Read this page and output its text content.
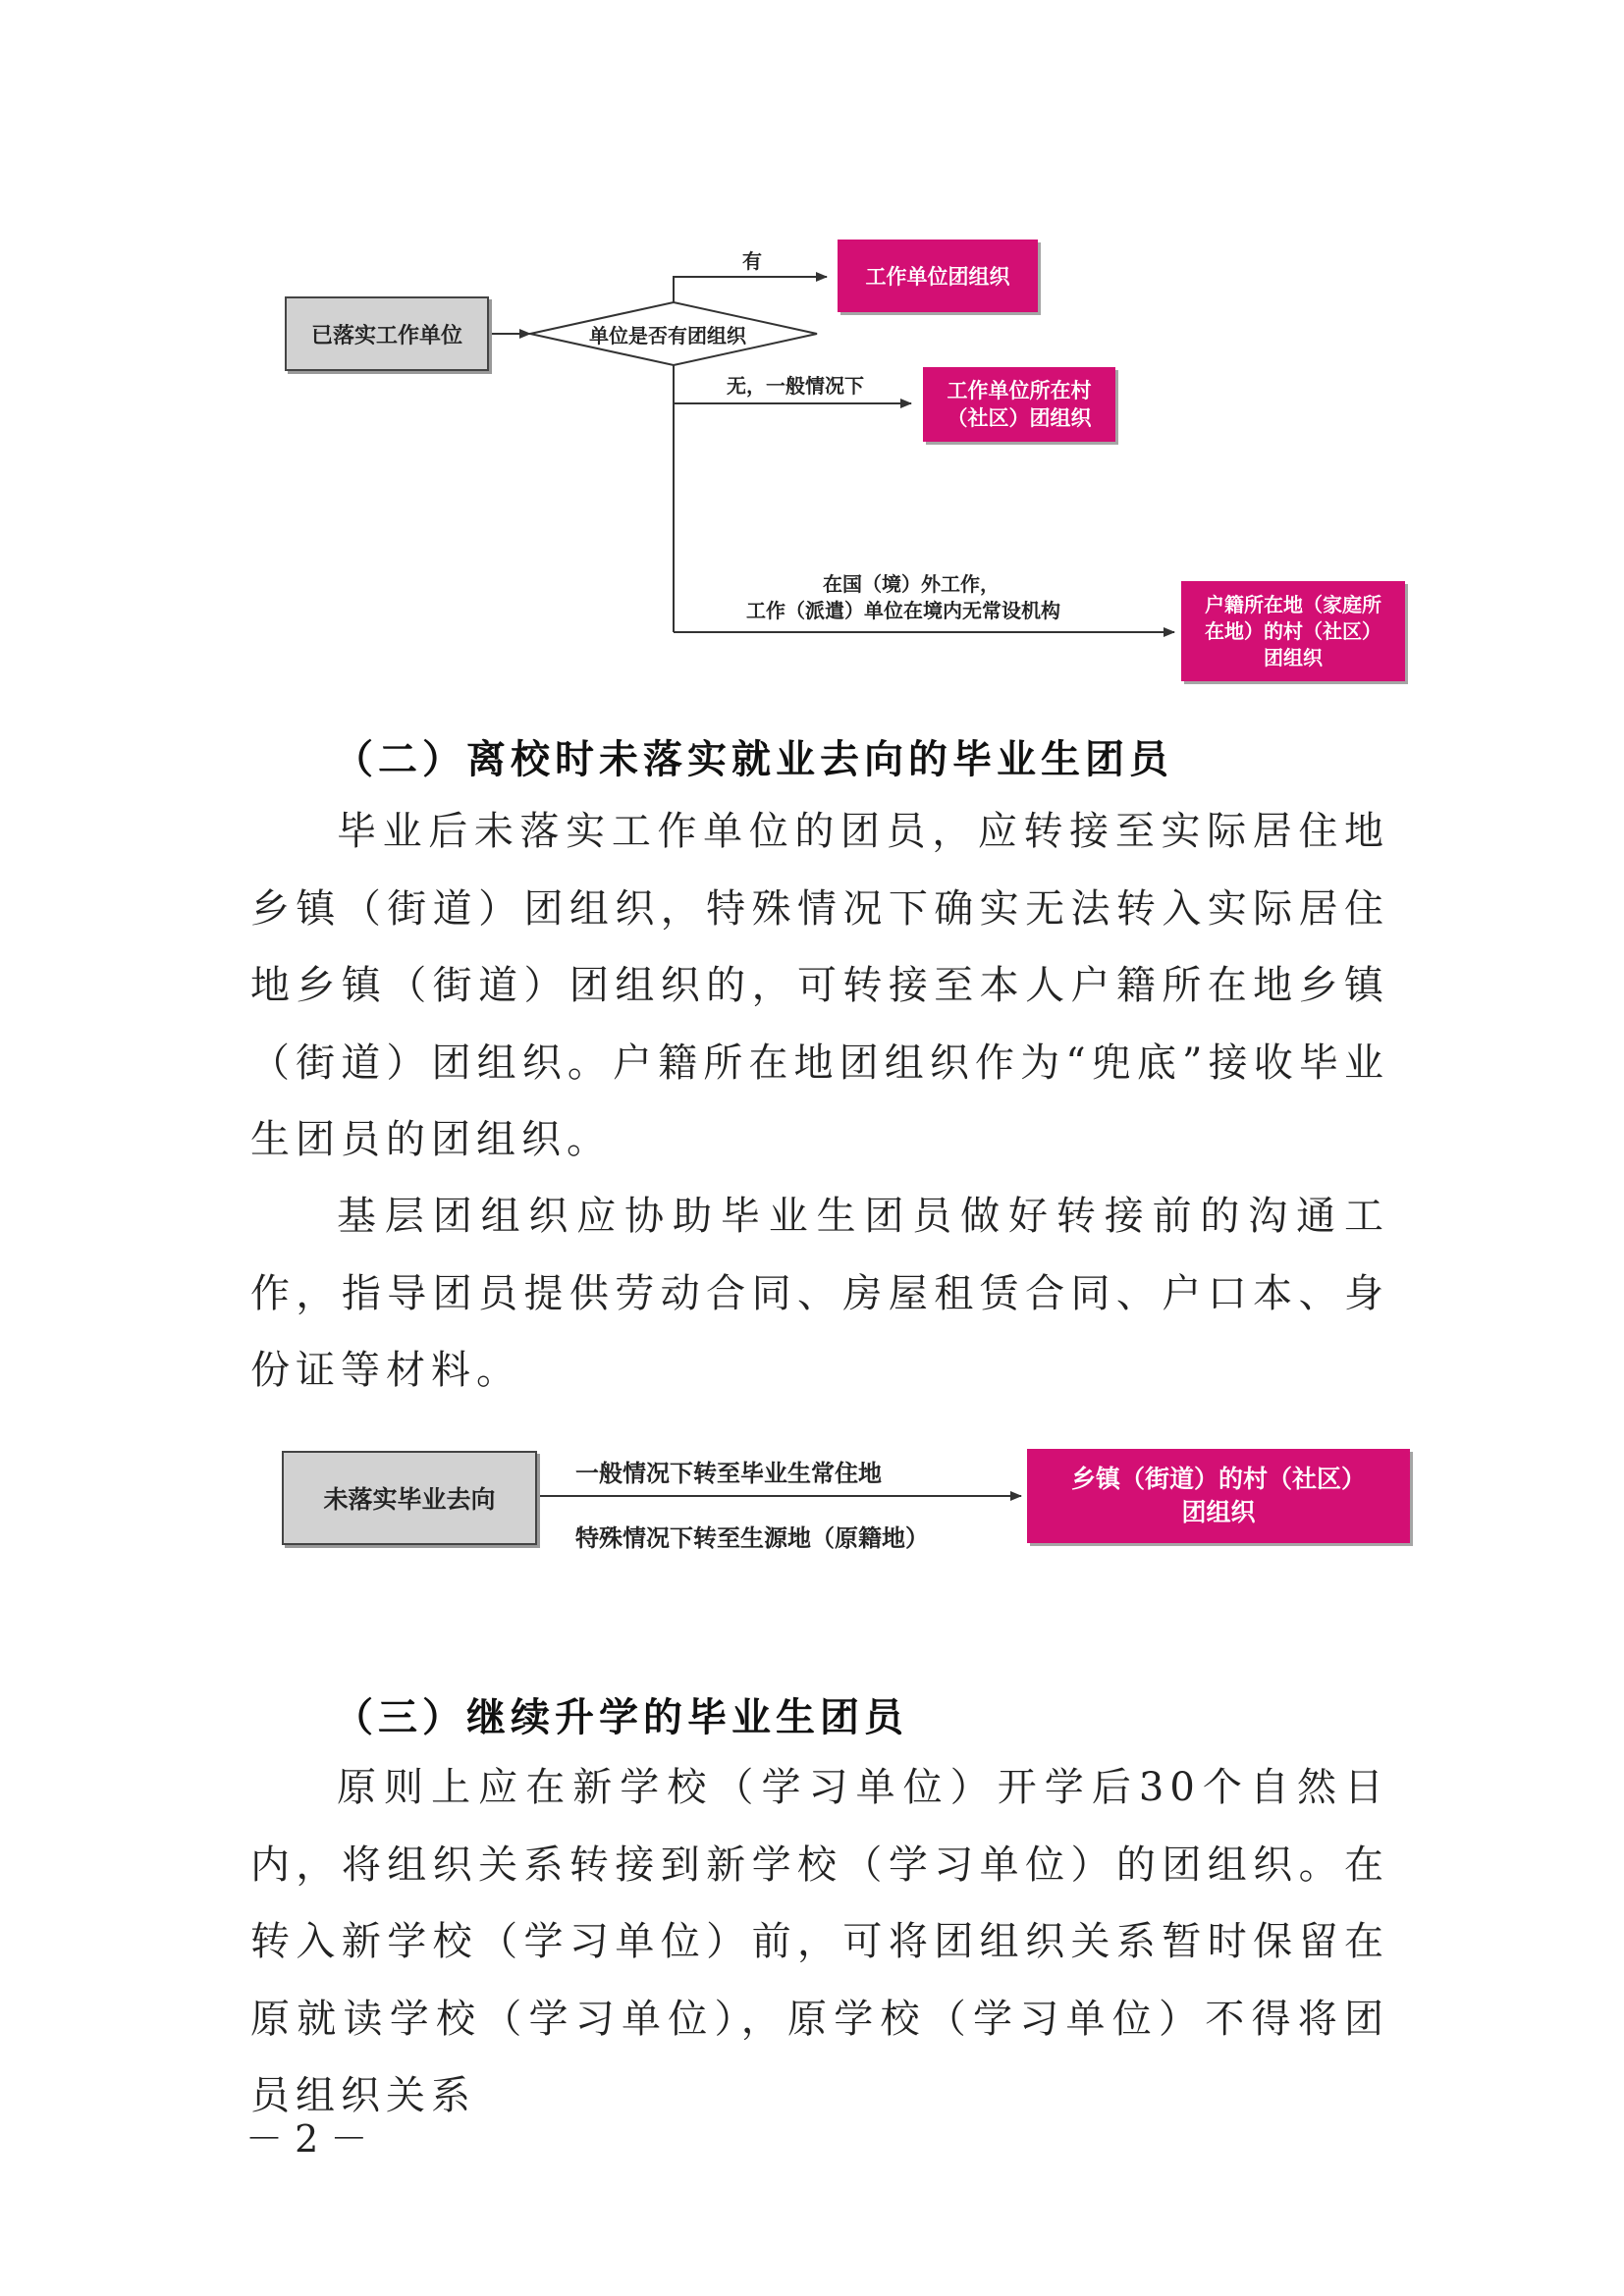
已落实工作单位	单位是否有团组织
有
工作单位团组织
无，一般情况下	工作单位所在村
（社区）团组织
在国（境）外工作，
工作（派遣）单位在境内无常设机构	户籍所在地（家庭所
在地）的村（社区）
团组织
（二）离校时未落实就业去向的毕业生团员
毕业后未落实工作单位的团员，应转接至实际居住地乡镇（街道）团组织，特殊情况下确实无法转入实际居住地乡镇（街道）团组织的，可转接至本人户籍所在地乡镇（街道）团组织。户籍所在地团组织作为“兜底”接收毕业生团员的团组织。
基层团组织应协助毕业生团员做好转接前的沟通工作，指导团员提供劳动合同、房屋租赁合同、户口本、身份证等材料。
未落实毕业去向
一般情况下转至毕业生常住地
特殊情况下转至生源地（原籍地）
乡镇（街道）的村（社区）
团组织
（三）继续升学的毕业生团员
原则上应在新学校（学习单位）开学后30个自然日内，将组织关系转接到新学校（学习单位）的团组织。在转入新学校（学习单位）前，可将团组织关系暂时保留在原就读学校（学习单位），原学校（学习单位）不得将团员组织关系
－ 2 －
